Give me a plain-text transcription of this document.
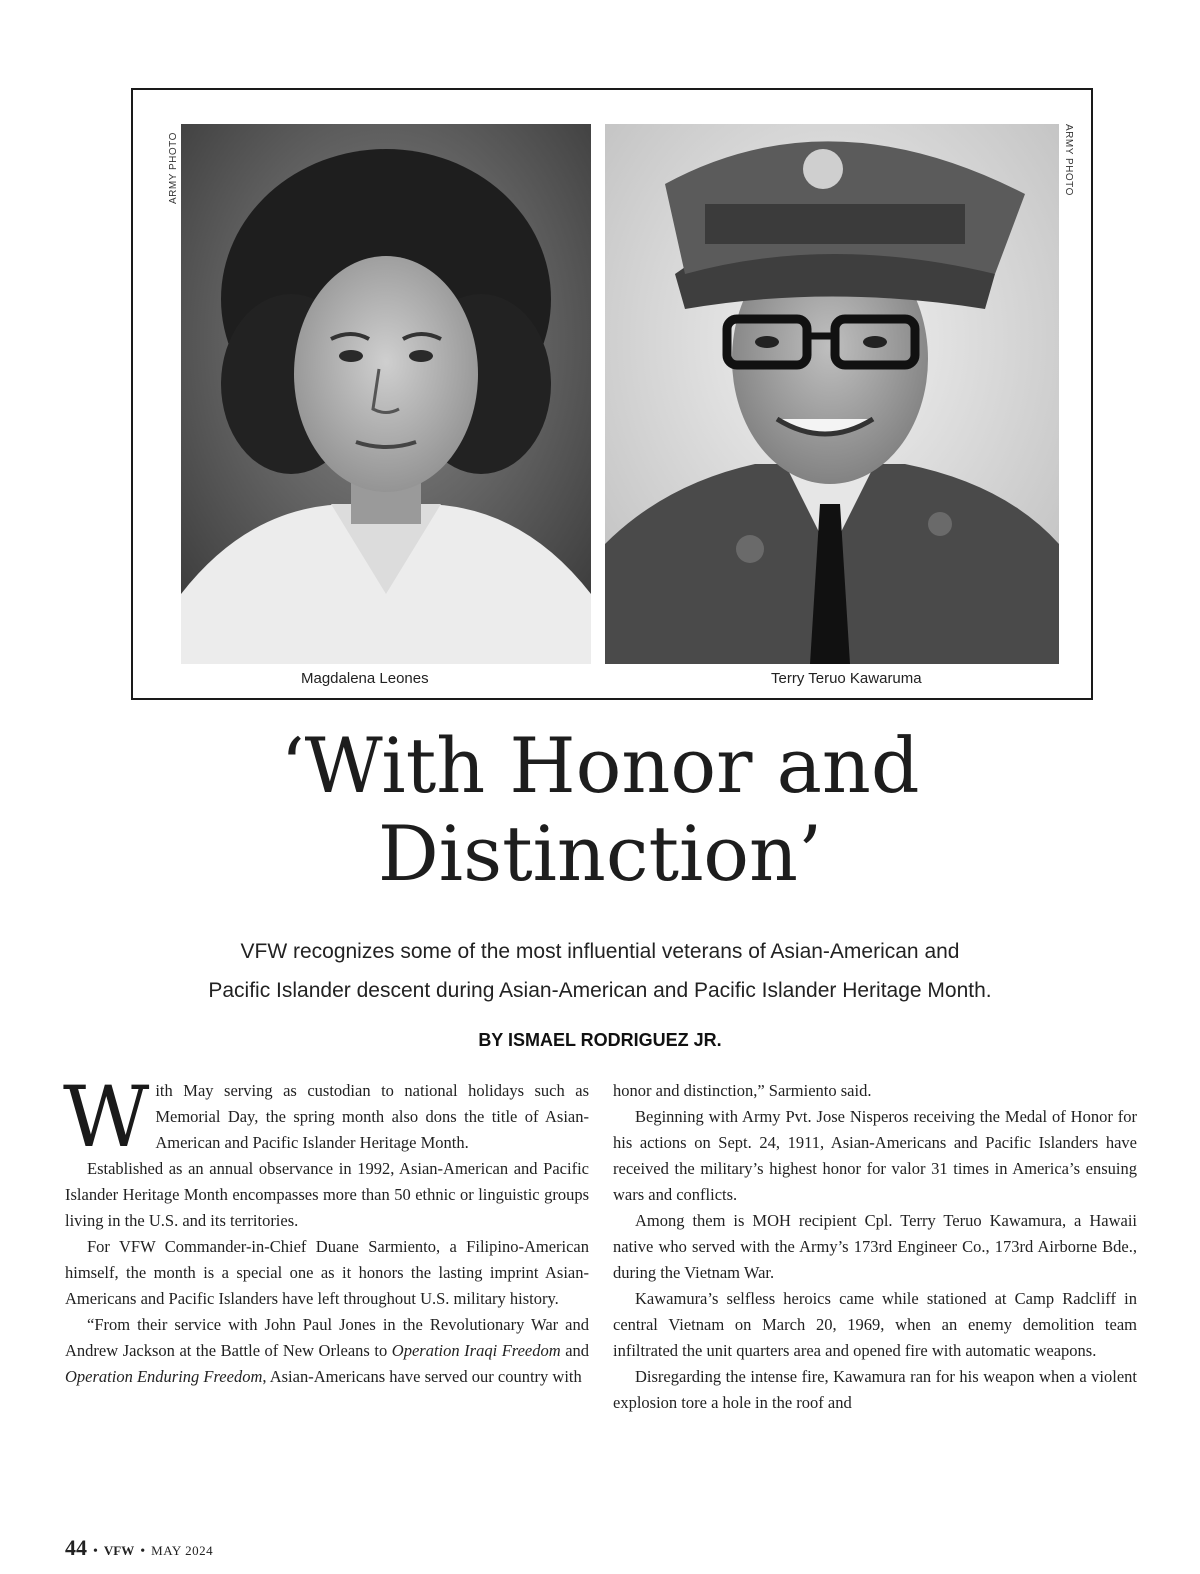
ARMY PHOTO	ARMY PHOTO
Magdalena Leones	Terry Teruo Kawaruma
‘With Honor and
Distinction’
VFW recognizes some of the most influential veterans of Asian-American and
Pacific Islander descent during Asian-American and Pacific Islander Heritage Month.
BY ISMAEL RODRIGUEZ JR.

With May serving as custodian to national holidays such as Memorial Day, the spring month also dons the title of Asian-American and Pacific Islander Heritage Month.

Established as an annual observance in 1992, Asian-American and Pacific Islander Heritage Month encompasses more than 50 ethnic or linguistic groups living in the U.S. and its territories.

For VFW Commander-in-Chief Duane Sarmiento, a Filipino-American himself, the month is a special one as it honors the lasting imprint Asian-Americans and Pacific Islanders have left throughout U.S. military history.

“From their service with John Paul Jones in the Revolutionary War and Andrew Jackson at the Battle of New Orleans to Operation Iraqi Freedom and Operation Enduring Freedom, Asian-Americans have served our country with

honor and distinction,” Sarmiento said.

Beginning with Army Pvt. Jose Nisperos receiving the Medal of Honor for his actions on Sept. 24, 1911, Asian-Americans and Pacific Islanders have received the military’s highest honor for valor 31 times in America’s ensuing wars and conflicts.

Among them is MOH recipient Cpl. Terry Teruo Kawamura, a Hawaii native who served with the Army’s 173rd Engineer Co., 173rd Airborne Bde., during the Vietnam War.

Kawamura’s selfless heroics came while stationed at Camp Radcliff in central Vietnam on March 20, 1969, when an enemy demolition team infiltrated the unit quarters area and opened fire with automatic weapons.

Disregarding the intense fire, Kawamura ran for his weapon when a violent explosion tore a hole in the roof and

44 • VFW • MAY 2024
